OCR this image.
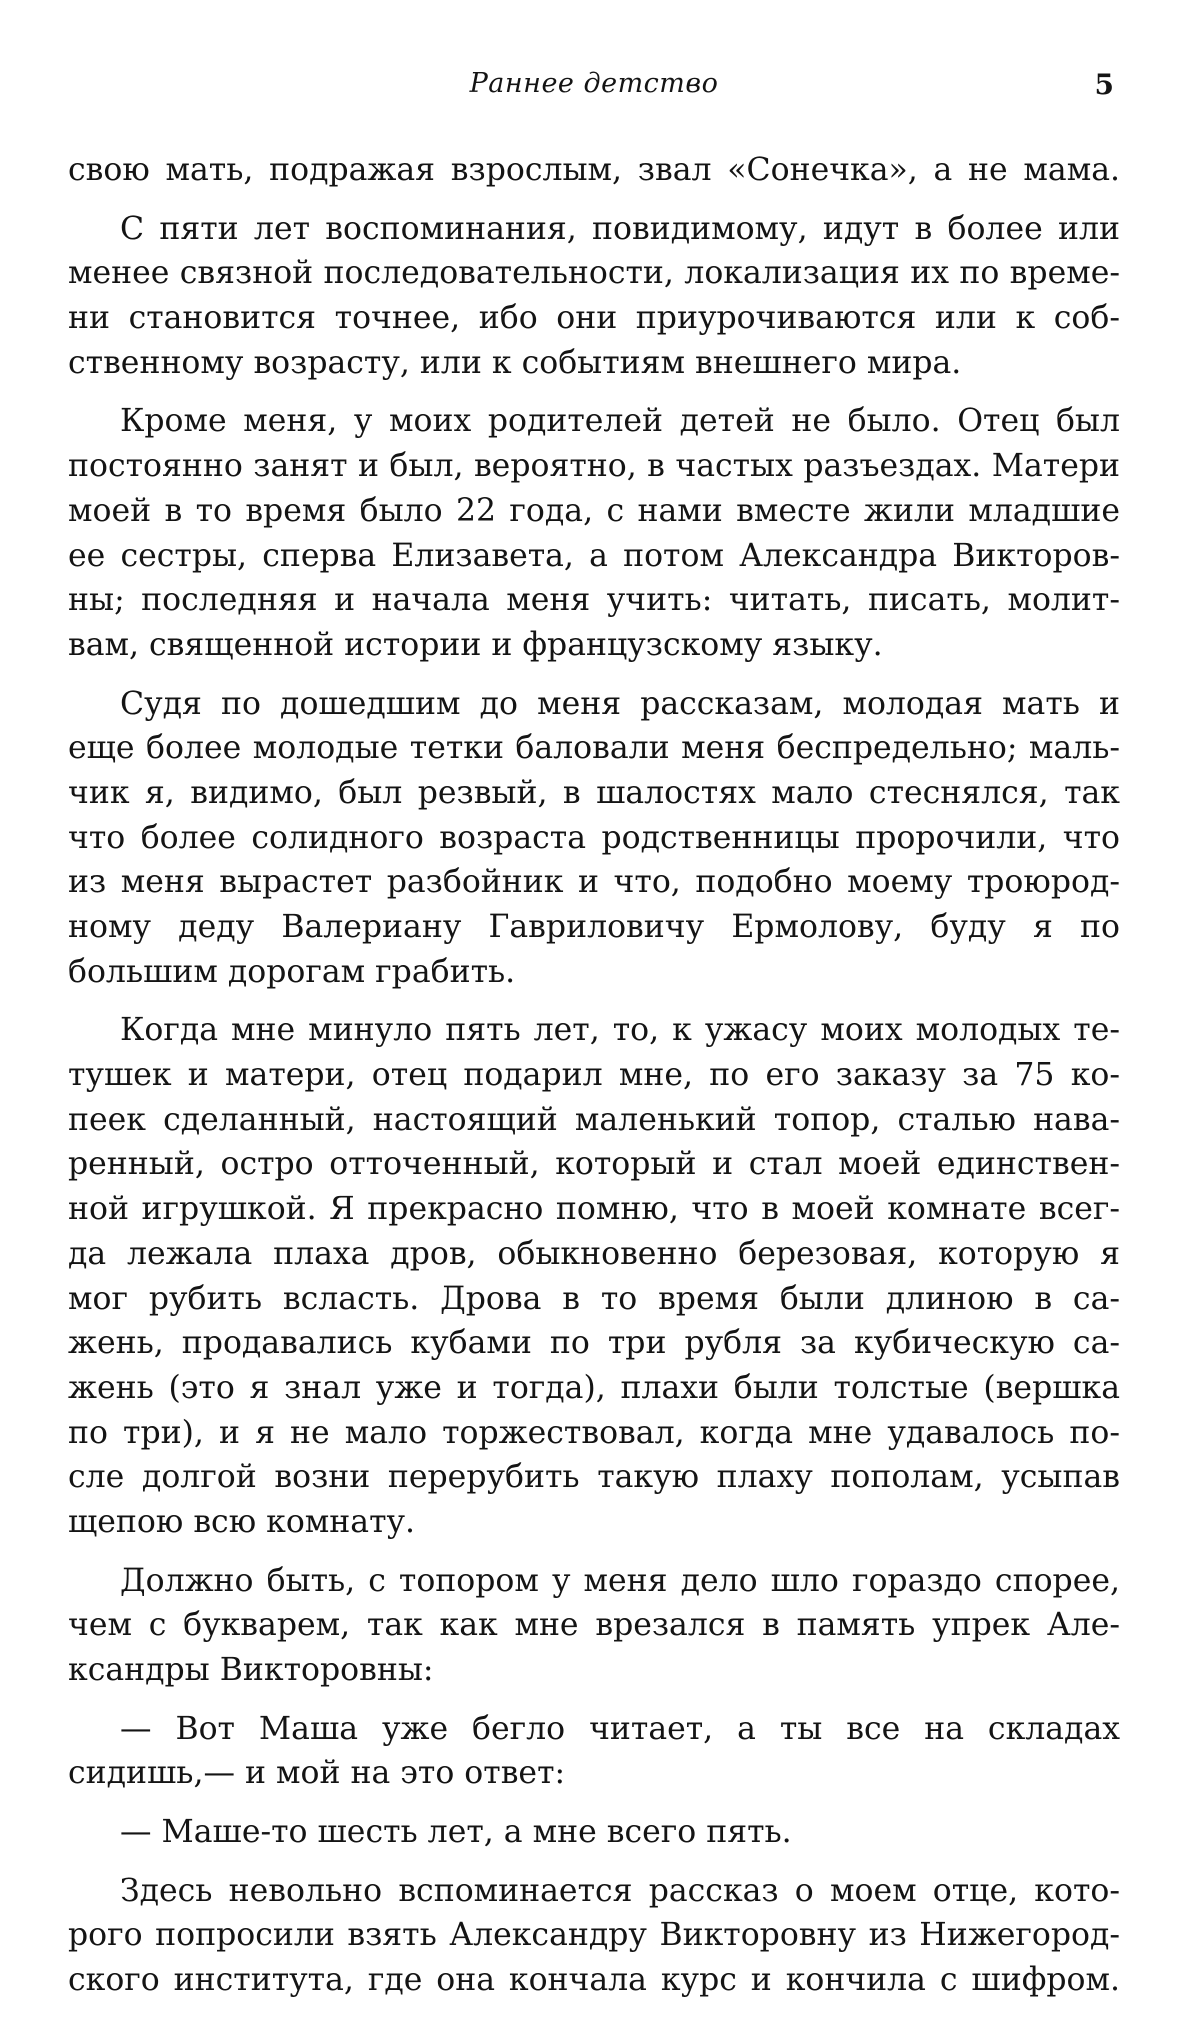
Раннее детство	5
свою мать, подражая взрослым, звал «Сонечка», а не мама.
С пяти лет воспоминания, повидимому, идут в более или
менее связной последовательности, локализация их по време-
ни становится точнее, ибо они приурочиваются или к соб-
ственному возрасту, или к событиям внешнего мира.
Кроме меня, у моих родителей детей не было. Отец был
постоянно занят и был, вероятно, в частых разъездах. Матери
моей в то время было 22 года, с нами вместе жили младшие
ее сестры, сперва Елизавета, а потом Александра Викторов-
ны; последняя и начала меня учить: читать, писать, молит-
вам, священной истории и французскому языку.
Судя по дошедшим до меня рассказам, молодая мать и
еще более молодые тетки баловали меня беспредельно; маль-
чик я, видимо, был резвый, в шалостях мало стеснялся, так
что более солидного возраста родственницы пророчили, что
из меня вырастет разбойник и что, подобно моему троюрод-
ному деду Валериану Гавриловичу Ермолову, буду я по
большим дорогам грабить.
Когда мне минуло пять лет, то, к ужасу моих молодых те-
тушек и матери, отец подарил мне, по его заказу за 75 ко-
пеек сделанный, настоящий маленький топор, сталью нава-
ренный, остро отточенный, который и стал моей единствен-
ной игрушкой. Я прекрасно помню, что в моей комнате всег-
да лежала плаха дров, обыкновенно березовая, которую я
мог рубить всласть. Дрова в то время были длиною в са-
жень, продавались кубами по три рубля за кубическую са-
жень (это я знал уже и тогда), плахи были толстые (вершка
по три), и я не мало торжествовал, когда мне удавалось по-
сле долгой возни перерубить такую плаху пополам, усыпав
щепою всю комнату.
Должно быть, с топором у меня дело шло гораздо спорее,
чем с букварем, так как мне врезался в память упрек Але-
ксандры Викторовны:
— Вот Маша уже бегло читает, а ты все на складах
сидишь,— и мой на это ответ:
— Маше-то шесть лет, а мне всего пять.
Здесь невольно вспоминается рассказ о моем отце, кото-
рого попросили взять Александру Викторовну из Нижегород-
ского института, где она кончала курс и кончила с шифром.
